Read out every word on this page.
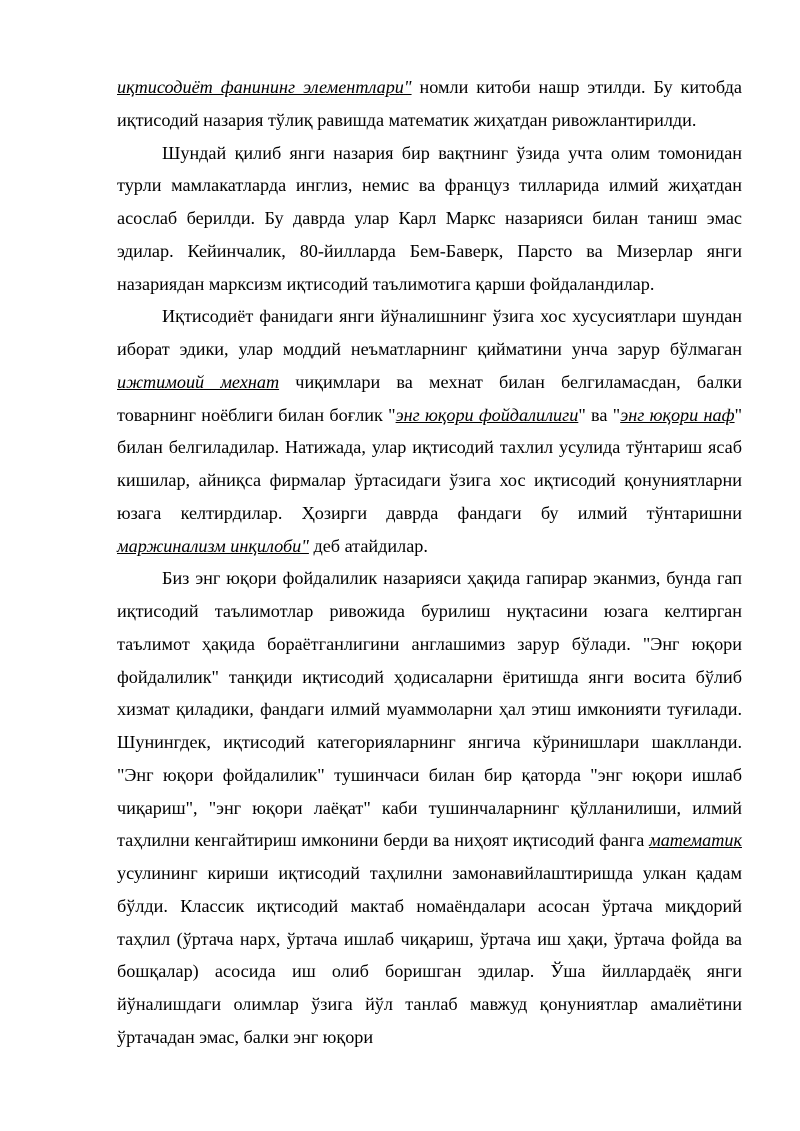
иқтисодиёт фанининг элементлари" номли китоби нашр этилди. Бу китобда иқтисодий назария тўлиқ равишда математик жиҳатдан ривожлантирилди.

Шундай қилиб янги назария бир вақтнинг ўзида учта олим томонидан турли мамлакатларда инглиз, немис ва француз тилларида илмий жиҳатдан асослаб берилди. Бу даврда улар Карл Маркс назарияси билан таниш эмас эдилар. Кейинчалик, 80-йилларда Бем-Баверк, Парсто ва Мизерлар янги назариядан марксизм иқтисодий таълимотига қарши фойдаландилар.

Иқтисодиёт фанидаги янги йўналишнинг ўзига хос хусусиятлари шундан иборат эдики, улар моддий неъматларнинг қийматини унча зарур бўлмаган ижтимоий мехнат чиқимлари ва мехнат билан белгиламасдан, балки товарнинг ноёблиги билан боғлик "энг юқори фойдалилиги" ва "энг юқори наф" билан белгиладилар. Натижада, улар иқтисодий тахлил усулида тўнтариш ясаб кишилар, айниқса фирмалар ўртасидаги ўзига хос иқтисодий қонуниятларни юзага келтирдилар. Ҳозирги даврда фандаги бу илмий тўнтаришни маржинализм инқилоби" деб атайдилар.

Биз энг юқори фойдалилик назарияси ҳақида гапирар эканмиз, бунда гап иқтисодий таълимотлар ривожида бурилиш нуқтасини юзага келтирган таълимот ҳақида бораётганлигини англашимиз зарур бўлади. "Энг юқори фойдалилик" танқиди иқтисодий ҳодисаларни ёритишда янги восита бўлиб хизмат қиладики, фандаги илмий муаммоларни ҳал этиш имконияти туғилади. Шунингдек, иқтисодий категорияларнинг янгича кўринишлари шаклланди. "Энг юқори фойдалилик" тушинчаси билан бир қаторда "энг юқори ишлаб чиқариш", "энг юқори лаёқат" каби тушинчаларнинг қўлланилиши, илмий таҳлилни кенгайтириш имконини берди ва ниҳоят иқтисодий фанга математик усулининг кириши иқтисодий таҳлилни замонавийлаштиришда улкан қадам бўлди. Классик иқтисодий мактаб номаёндалари асосан ўртача миқдорий таҳлил (ўртача нарх, ўртача ишлаб чиқариш, ўртача иш ҳақи, ўртача фойда ва бошқалар) асосида иш олиб боришган эдилар. Ўша йиллардаёқ янги йўналишдаги олимлар ўзига йўл танлаб мавжуд қонуниятлар амалиётини ўртачадан эмас, балки энг юқори
